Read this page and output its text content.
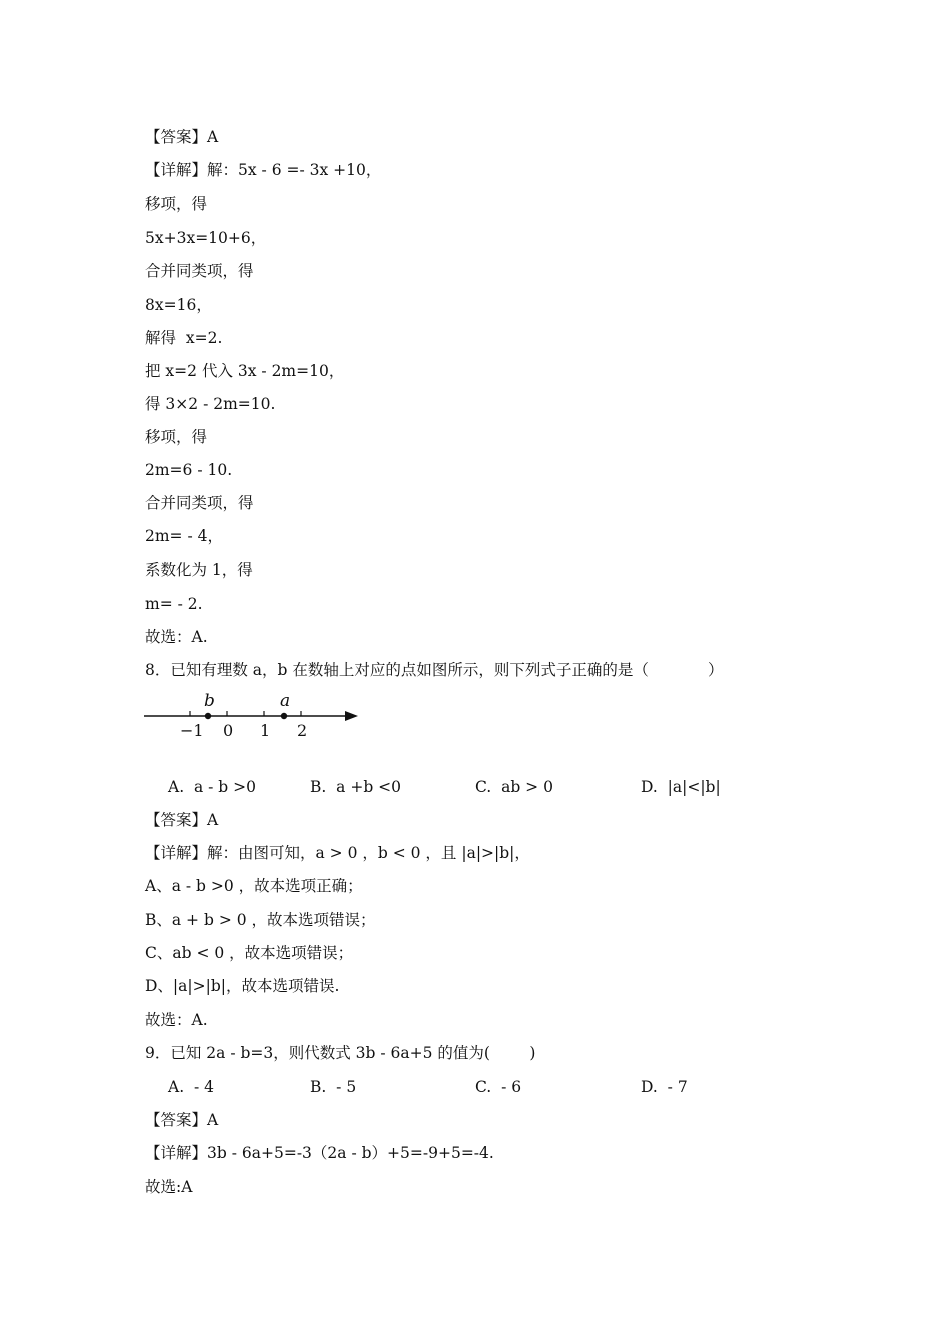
【答案】A
【详解】解：5x - 6 =- 3x +10，
移项，得
5x+3x=10+6，
合并同类项，得
8x=16，
解得  x=2.
把 x=2 代入 3x - 2m=10，
得 3×2 - 2m=10.
移项，得
2m=6 - 10.
合并同类项，得
2m= - 4，
系数化为 1，得
m= - 2.
故选：A.
8．已知有理数 a，b 在数轴上对应的点如图所示，则下列式子正确的是（            ）
−1 0 1 2
b	a
A.  a - b >0	B.  a +b <0	C.  ab > 0	D.  |a|<|b|
【答案】A
【详解】解：由图可知，a > 0 ，b < 0 ，且 |a|>|b|，
A、a - b >0 ，故本选项正确；
B、a + b > 0 ，故本选项错误；
C、ab < 0 ，故本选项错误；
D、|a|>|b|，故本选项错误.
故选：A.
9．已知 2a - b=3，则代数式 3b - 6a+5 的值为(        )
A.  - 4	B.  - 5	C.  - 6	D.  - 7
【答案】A
【详解】3b - 6a+5=-3（2a - b）+5=-9+5=-4.
故选:A
